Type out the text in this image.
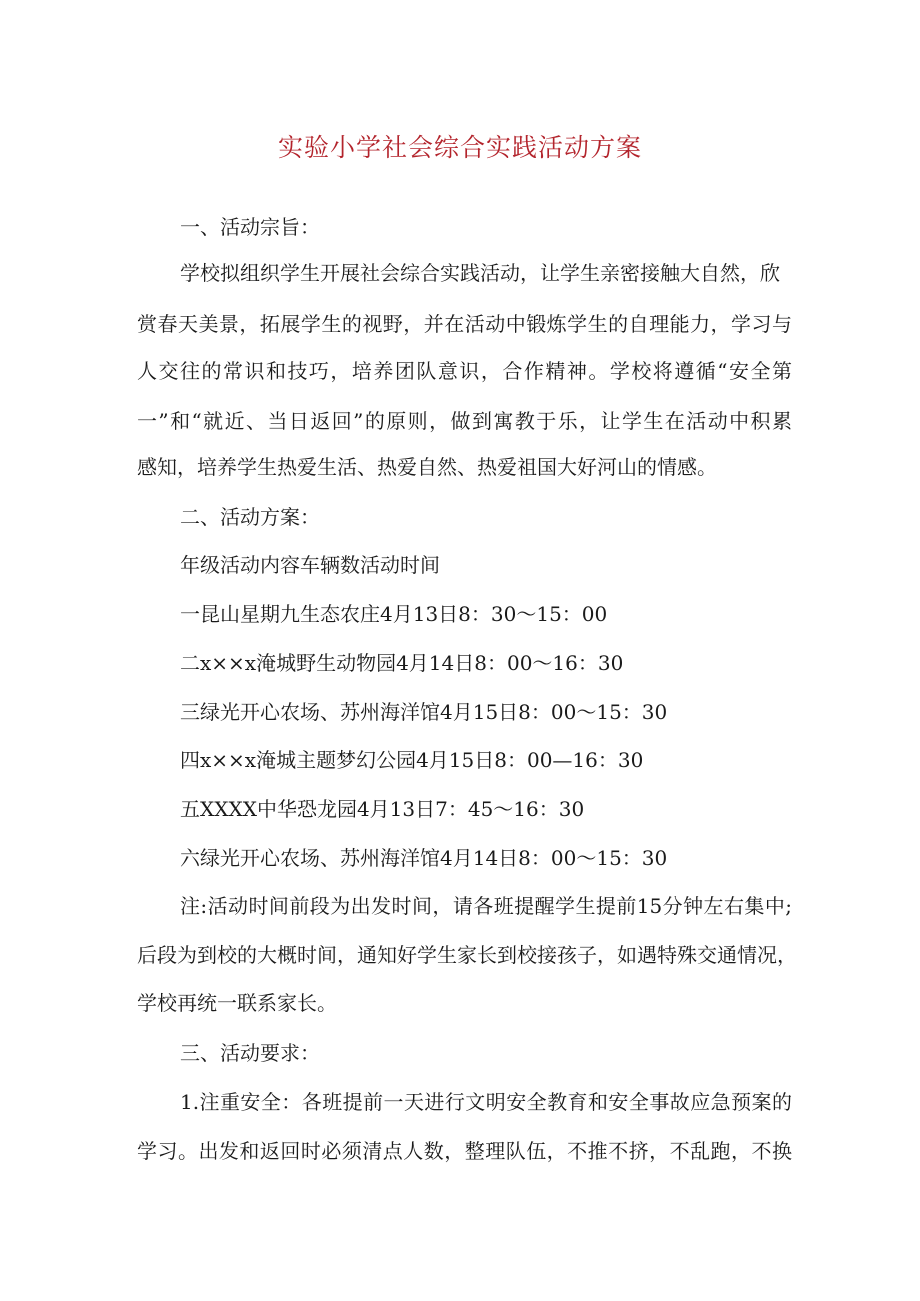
实验小学社会综合实践活动方案

一、活动宗旨：

学校拟组织学生开展社会综合实践活动，让学生亲密接触大自然，欣

赏春天美景，拓展学生的视野，并在活动中锻炼学生的自理能力，学习与

人交往的常识和技巧，培养团队意识，合作精神。学校将遵循“安全第

一”和“就近、当日返回”的原则，做到寓教于乐，让学生在活动中积累

感知，培养学生热爱生活、热爱自然、热爱祖国大好河山的情感。

二、活动方案：

年级活动内容车辆数活动时间

一昆山星期九生态农庄4月13日8：30～15：00

二x××x淹城野生动物园4月14日8：00～16：30

三绿光开心农场、苏州海洋馆4月15日8：00～15：30

四x××x淹城主题梦幻公园4月15日8：00—16：30

五XXXX中华恐龙园4月13日7：45～16：30

六绿光开心农场、苏州海洋馆4月14日8：00～15：30

注:活动时间前段为出发时间，请各班提醒学生提前15分钟左右集中;

后段为到校的大概时间，通知好学生家长到校接孩子，如遇特殊交通情况，

学校再统一联系家长。

三、活动要求：

1.注重安全：各班提前一天进行文明安全教育和安全事故应急预案的

学习。出发和返回时必须清点人数，整理队伍，不推不挤，不乱跑，不换
